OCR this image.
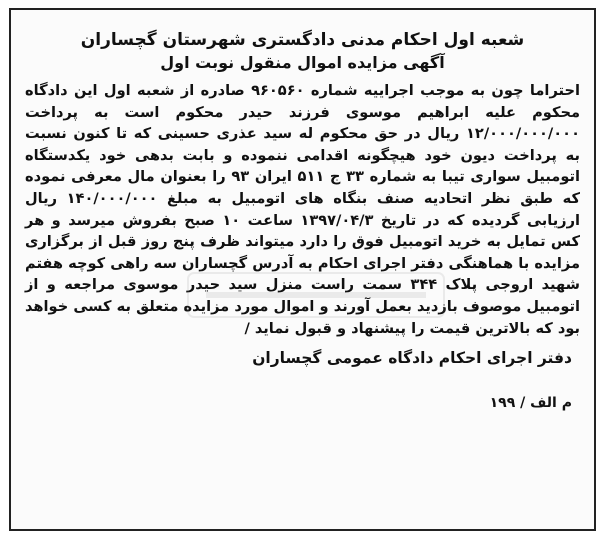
شعبه اول احکام مدنی دادگستری شهرستان گچساران
آگهی مزایده اموال منقول نوبت اول
احتراما چون به موجب اجراییه شماره ۹۶۰۵۶۰ صادره از شعبه اول این دادگاه محکوم علیه ابراهیم موسوی فرزند حیدر محکوم است به پرداخت ۱۲/۰۰۰/۰۰۰/۰۰۰ ریال در حق محکوم له سید عذری حسینی که تا کنون نسبت به پرداخت دیون خود هیچگونه اقدامی ننموده و بابت بدهی خود یکدستگاه اتومبیل سواری تیبا به شماره ۳۳ ج ۵۱۱ ایران ۹۳ را بعنوان مال معرفی نموده که طبق نظر اتحادیه صنف بنگاه های اتومبیل به مبلغ ۱۴۰/۰۰۰/۰۰۰ ریال ارزیابی گردیده که در تاریخ ۱۳۹۷/۰۴/۳ ساعت ۱۰ صبح بفروش میرسد و هر کس تمایل به خرید اتومبیل فوق را دارد میتواند ظرف پنج روز قبل از برگزاری مزایده با هماهنگی دفتر اجرای احکام به آدرس گچساران سه راهی کوچه هفتم شهید اروجی پلاک ۳۴۴ سمت راست منزل سید حیدر موسوی مراجعه و از اتومبیل موصوف بازدید بعمل آورند و اموال مورد مزایده متعلق به کسی خواهد بود که بالاترین قیمت را پیشنهاد و قبول نماید /
دفتر اجرای احکام دادگاه عمومی گچساران
م الف / ۱۹۹
